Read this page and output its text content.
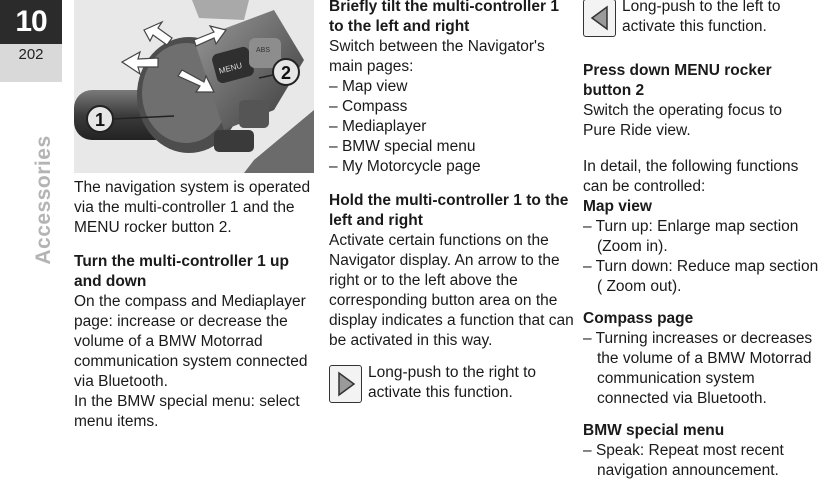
10
202
Accessories
MENU
ABS
2
1

The navigation system is operated via the multi-controller 1 and the MENU rocker button 2.

Turn the multi-controller 1 up and down

On the compass and Mediaplayer page: increase or decrease the volume of a BMW Motorrad communication system connected via Bluetooth.

In the BMW special menu: select menu items.

Briefly tilt the multi-controller 1 to the left and right

Switch between the Navigator's main pages:

– Map view

– Compass

– Mediaplayer

– BMW special menu

– My Motorcycle page

Hold the multi-controller 1 to the left and right

Activate certain functions on the Navigator display. An arrow to the right or to the left above the corresponding button area on the display indicates a function that can be activated in this way.

Long-push to the right to activate this function.
Long-push to the left to activate this function.
Press down MENU rocker button 2

Switch the operating focus to Pure Ride view.

In detail, the following functions can be controlled:

Map view

– Turn up: Enlarge map section (Zoom in).

– Turn down: Reduce map section ( Zoom out).

Compass page

– Turning increases or decreases the volume of a BMW Motorrad communication system connected via Bluetooth.

BMW special menu

– Speak: Repeat most recent navigation announcement.
